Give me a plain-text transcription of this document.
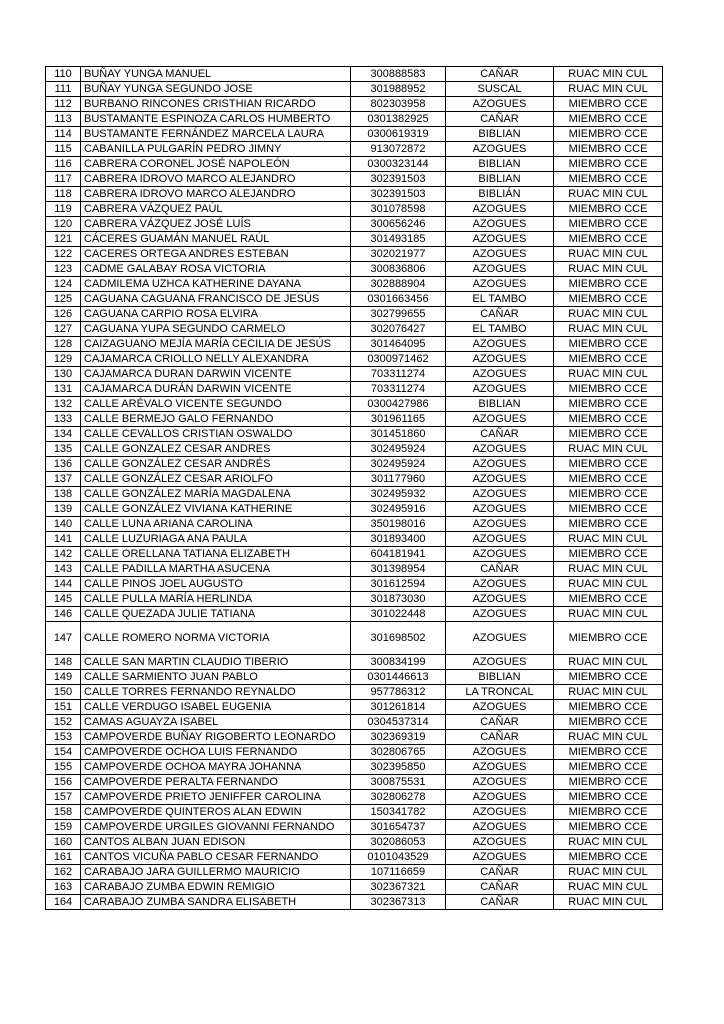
110	BUÑAY YUNGA MANUEL	300888583	CAÑAR	RUAC MIN CUL
111	BUÑAY YUNGA SEGUNDO JOSE	301988952	SUSCAL	RUAC MIN CUL
112	BURBANO RINCONES CRISTHIAN RICARDO	802303958	AZOGUES	MIEMBRO CCE
113	BUSTAMANTE ESPINOZA CARLOS HUMBERTO	0301382925	CAÑAR	MIEMBRO CCE
114	BUSTAMANTE FERNÁNDEZ MARCELA LAURA	0300619319	BIBLIAN	MIEMBRO CCE
115	CABANILLA PULGARÍN PEDRO JIMNY	913072872	AZOGUES	MIEMBRO CCE
116	CABRERA CORONEL JOSÉ NAPOLEÓN	0300323144	BIBLIAN	MIEMBRO CCE
117	CABRERA IDROVO MARCO ALEJANDRO	302391503	BIBLIAN	MIEMBRO CCE
118	CABRERA IDROVO MARCO ALEJANDRO	302391503	BIBLIÁN	RUAC MIN CUL
119	CABRERA VÁZQUEZ PAÚL	301078598	AZOGUES	MIEMBRO CCE
120	CABRERA VÁZQUEZ JOSÉ LUÍS	300656246	AZOGUES	MIEMBRO CCE
121	CÁCERES GUAMÁN MANUEL RAÚL	301493185	AZOGUES	MIEMBRO CCE
122	CACERES ORTEGA ANDRES ESTEBAN	302021977	AZOGUES	RUAC MIN CUL
123	CADME GALABAY ROSA VICTORIA	300836806	AZOGUES	RUAC MIN CUL
124	CADMILEMA UZHCA KATHERINE DAYANA	302888904	AZOGUES	MIEMBRO CCE
125	CAGUANA CAGUANA FRANCISCO DE JESÚS	0301663456	EL TAMBO	MIEMBRO CCE
126	CAGUANA CARPIO ROSA ELVIRA	302799655	CAÑAR	RUAC MIN CUL
127	CAGUANA YUPA SEGUNDO CARMELO	302076427	EL TAMBO	RUAC MIN CUL
128	CAIZAGUANO MEJÍA MARÍA CECILIA DE JESÚS	301464095	AZOGUES	MIEMBRO CCE
129	CAJAMARCA CRIOLLO NELLY ALEXANDRA	0300971462	AZOGUES	MIEMBRO CCE
130	CAJAMARCA DURAN DARWIN VICENTE	703311274	AZOGUES	RUAC MIN CUL
131	CAJAMARCA DURÁN DARWIN VICENTE	703311274	AZOGUES	MIEMBRO CCE
132	CALLE ARÉVALO VICENTE SEGUNDO	0300427986	BIBLIAN	MIEMBRO CCE
133	CALLE BERMEJO GALO FERNANDO	301961165	AZOGUES	MIEMBRO CCE
134	CALLE CEVALLOS CRISTIAN OSWALDO	301451860	CAÑAR	MIEMBRO CCE
135	CALLE GONZALEZ CESAR ANDRES	302495924	AZOGUES	RUAC MIN CUL
136	CALLE GONZÁLEZ CESAR ANDRÉS	302495924	AZOGUES	MIEMBRO CCE
137	CALLE GONZÁLEZ CESAR ARIOLFO	301177960	AZOGUES	MIEMBRO CCE
138	CALLE GONZÁLEZ MARÍA MAGDALENA	302495932	AZOGUES	MIEMBRO CCE
139	CALLE GONZÁLEZ VIVIANA KATHERINE	302495916	AZOGUES	MIEMBRO CCE
140	CALLE LUNA ARIANA CAROLINA	350198016	AZOGUES	MIEMBRO CCE
141	CALLE LUZURIAGA ANA PAULA	301893400	AZOGUES	RUAC MIN CUL
142	CALLE ORELLANA TATIANA ELIZABETH	604181941	AZOGUES	MIEMBRO CCE
143	CALLE PADILLA MARTHA ASUCENA	301398954	CAÑAR	RUAC MIN CUL
144	CALLE PINOS JOEL AUGUSTO	301612594	AZOGUES	RUAC MIN CUL
145	CALLE PULLA MARÍA HERLINDA	301873030	AZOGUES	MIEMBRO CCE
146	CALLE QUEZADA JULIE TATIANA	301022448	AZOGUES	RUAC MIN CUL
147	CALLE ROMERO NORMA VICTORIA	301698502	AZOGUES	MIEMBRO CCE
148	CALLE SAN MARTIN CLAUDIO TIBERIO	300834199	AZOGUES	RUAC MIN CUL
149	CALLE SARMIENTO JUAN PABLO	0301446613	BIBLIAN	MIEMBRO CCE
150	CALLE TORRES FERNANDO REYNALDO	957786312	LA TRONCAL	RUAC MIN CUL
151	CALLE VERDUGO ISABEL EUGENIA	301261814	AZOGUES	MIEMBRO CCE
152	CAMAS AGUAYZA ISABEL	0304537314	CAÑAR	MIEMBRO CCE
153	CAMPOVERDE BUÑAY RIGOBERTO LEONARDO	302369319	CAÑAR	RUAC MIN CUL
154	CAMPOVERDE OCHOA LUIS FERNANDO	302806765	AZOGUES	MIEMBRO CCE
155	CAMPOVERDE OCHOA MAYRA JOHANNA	302395850	AZOGUES	MIEMBRO CCE
156	CAMPOVERDE PERALTA FERNANDO	300875531	AZOGUES	MIEMBRO CCE
157	CAMPOVERDE PRIETO JENIFFER CAROLINA	302806278	AZOGUES	MIEMBRO CCE
158	CAMPOVERDE QUINTEROS ALAN EDWIN	150341782	AZOGUES	MIEMBRO CCE
159	CAMPOVERDE URGILES GIOVANNI FERNANDO	301654737	AZOGUES	MIEMBRO CCE
160	CANTOS ALBAN JUAN EDISON	302086053	AZOGUES	RUAC MIN CUL
161	CANTOS VICUÑA PABLO CESAR FERNANDO	0101043529	AZOGUES	MIEMBRO CCE
162	CARABAJO JARA GUILLERMO MAURICIO	107116659	CAÑAR	RUAC MIN CUL
163	CARABAJO ZUMBA EDWIN REMIGIO	302367321	CAÑAR	RUAC MIN CUL
164	CARABAJO ZUMBA SANDRA ELISABETH	302367313	CAÑAR	RUAC MIN CUL
